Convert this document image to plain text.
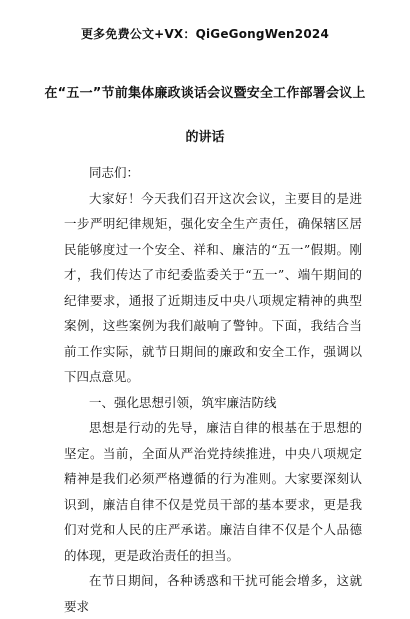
更多免费公文+VX：QiGeGongWen2024
在“五一”节前集体廉政谈话会议暨安全工作部署会议上
的讲话

同志们：

大家好！今天我们召开这次会议，主要目的是进一步严明纪律规矩，强化安全生产责任，确保辖区居民能够度过一个安全、祥和、廉洁的“五一”假期。刚才，我们传达了市纪委监委关于“五一”、端午期间的纪律要求，通报了近期违反中央八项规定精神的典型案例，这些案例为我们敲响了警钟。下面，我结合当前工作实际，就节日期间的廉政和安全工作，强调以下四点意见。

一、强化思想引领，筑牢廉洁防线

思想是行动的先导，廉洁自律的根基在于思想的坚定。当前，全面从严治党持续推进，中央八项规定精神是我们必须严格遵循的行为准则。大家要深刻认识到，廉洁自律不仅是党员干部的基本要求，更是我们对党和人民的庄严承诺。廉洁自律不仅是个人品德的体现，更是政治责任的担当。

在节日期间，各种诱惑和干扰可能会增多，这就要求
